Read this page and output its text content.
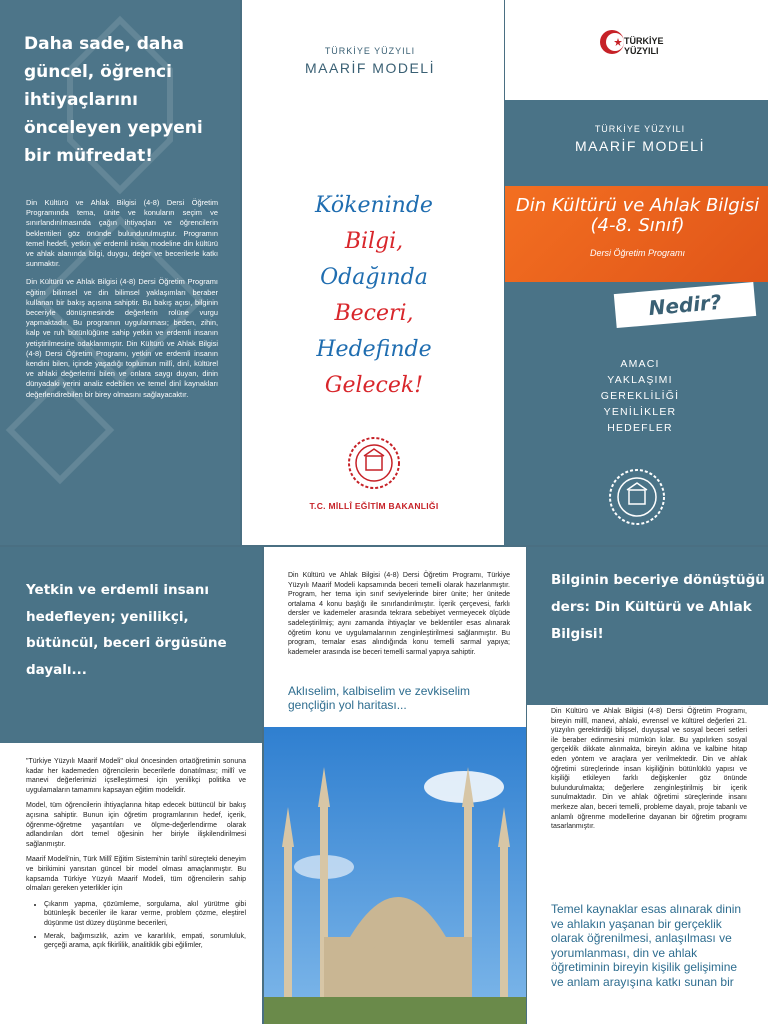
Daha sade, daha güncel, öğrenci ihtiyaçlarını önceleyen yepyeni bir müfredat!

Din Kültürü ve Ahlak Bilgisi (4-8) Dersi Öğretim Programında tema, ünite ve konuların seçim ve sınırlandırılmasında çağın ihtiyaçları ve öğrencilerin beklentileri göz önünde bulundurulmuştur. Programın temel hedefi, yetkin ve erdemli insan modeline din kültürü ve ahlak alanında bilgi, duygu, değer ve becerilerle katkı sunmaktır.

Din Kültürü ve Ahlak Bilgisi (4-8) Dersi Öğretim Programı eğitim bilimsel ve din bilimsel yaklaşımları beraber kullanan bir bakış açısına sahiptir. Bu bakış açısı, bilginin beceriyle dönüşmesinde değerlerin rolüne vurgu yapmaktadır. Bu programın uygulanması; beden, zihin, kalp ve ruh bütünlüğüne sahip yetkin ve erdemli insanın yetiştirilmesine odaklanmıştır. Din Kültürü ve Ahlak Bilgisi (4-8) Dersi Öğretim Programı, yetkin ve erdemli insanın kendini bilen, içinde yaşadığı toplumun millî, dinî, kültürel ve ahlaki değerlerini bilen ve onlara saygı duyan, dinin dünyadaki yerini analiz edebilen ve temel dinî kaynakları değerlendirebilen bir birey olmasını sağlayacaktır.

TÜRKİYE YÜZYILI
MAARİF MODELİ
Kökeninde
Bilgi,
Odağında
Beceri,
Hedefinde
Gelecek!
T.C. MİLLÎ EĞİTİM BAKANLIĞI
TÜRKİYE YÜZYILI
MAARİF MODELİ
Din Kültürü ve Ahlak Bilgisi (4-8. Sınıf)
Dersi Öğretim Programı
Nedir?
AMACI
YAKLAŞIMI
GEREKLİLİĞİ
YENİLİKLER
HEDEFLER
TÜRKİYE YÜZYILI
Yetkin ve erdemli insanı hedefleyen; yenilikçi, bütüncül, beceri örgüsüne dayalı...

"Türkiye Yüzyılı Maarif Modeli" okul öncesinden ortaöğretimin sonuna kadar her kademeden öğrencilerin becerilerle donatılması; millî ve manevi değerlerimizi içselleştirmesi için yenilikçi politika ve uygulamaların tamamını kapsayan eğitim modelidir.

Model, tüm öğrencilerin ihtiyaçlarına hitap edecek bütüncül bir bakış açısına sahiptir. Bunun için öğretim programlarının hedef, içerik, öğrenme-öğretme yaşantıları ve ölçme-değerlendirme olarak adlandırılan dört temel öğesinin her biriyle ilişkilendirilmesi sağlanmıştır.

Maarif Modeli'nin, Türk Millî Eğitim Sistemi'nin tarihî süreçteki deneyim ve birikimini yansıtan güncel bir model olması amaçlanmıştır. Bu kapsamda Türkiye Yüzyılı Maarif Modeli, tüm öğrencilerin sahip olmaları gereken yeterlikler için

• Çıkarım yapma, çözümleme, sorgulama, akıl yürütme gibi bütünleşik beceriler ile karar verme, problem çözme, eleştirel düşünme üst düzey düşünme becerileri,
• Merak, bağımsızlık, azim ve kararlılık, empati, sorumluluk, gerçeği arama, açık fikirlilik, analitiklik gibi eğilimler,
Din Kültürü ve Ahlak Bilgisi (4-8) Dersi Öğretim Programı, Türkiye Yüzyılı Maarif Modeli kapsamında beceri temelli olarak hazırlanmıştır. Program, her tema için sınıf seviyelerinde birer ünite; her ünitede ortalama 4 konu başlığı ile sınırlandırılmıştır. İçerik çerçevesi, farklı dersler ve kademeler arasında tekrara sebebiyet vermeyecek ölçüde sadeleştirilmiş; aynı zamanda ihtiyaçlar ve beklentiler esas alınarak öğretim konu ve uygulamalarının zenginleştirilmesi sağlanmıştır. Bu program, temalar esas alındığında konu temelli sarmal yapıya; kademeler arasında ise beceri temelli sarmal yapıya sahiptir.
Aklıselim, kalbiselim ve zevkiselim gençliğin yol haritası...
Bilginin beceriye dönüştüğü ders: Din Kültürü ve Ahlak Bilgisi!
Din Kültürü ve Ahlak Bilgisi (4-8) Dersi Öğretim Programı, bireyin millî, manevi, ahlaki, evrensel ve kültürel değerleri 21. yüzyılın gerektirdiği bilişsel, duyuşsal ve sosyal beceri setleri ile beraber edinmesini mümkün kılar. Bu yapılırken sosyal gerçeklik dikkate alınmakta, bireyin aklına ve kalbine hitap eden yöntem ve araçlara yer verilmektedir. Din ve ahlak öğretimi süreçlerinde insan kişiliğinin bütünlüklü yapısı ve kişiliği etkileyen farklı değişkenler göz önünde bulundurulmakta; değerlere zenginleştirilmiş bir içerik sunulmaktadır. Din ve ahlak öğretimi süreçlerinde insanı merkeze alan, beceri temelli, probleme dayalı, proje tabanlı ve anlamlı öğrenme modellerine dayanan bir öğretim programı tasarlanmıştır.
Temel kaynaklar esas alınarak dinin ve ahlakın yaşanan bir gerçeklik olarak öğrenilmesi, anlaşılması ve yorumlanması, din ve ahlak öğretiminin bireyin kişilik gelişimine ve anlam arayışına katkı sunan bir
